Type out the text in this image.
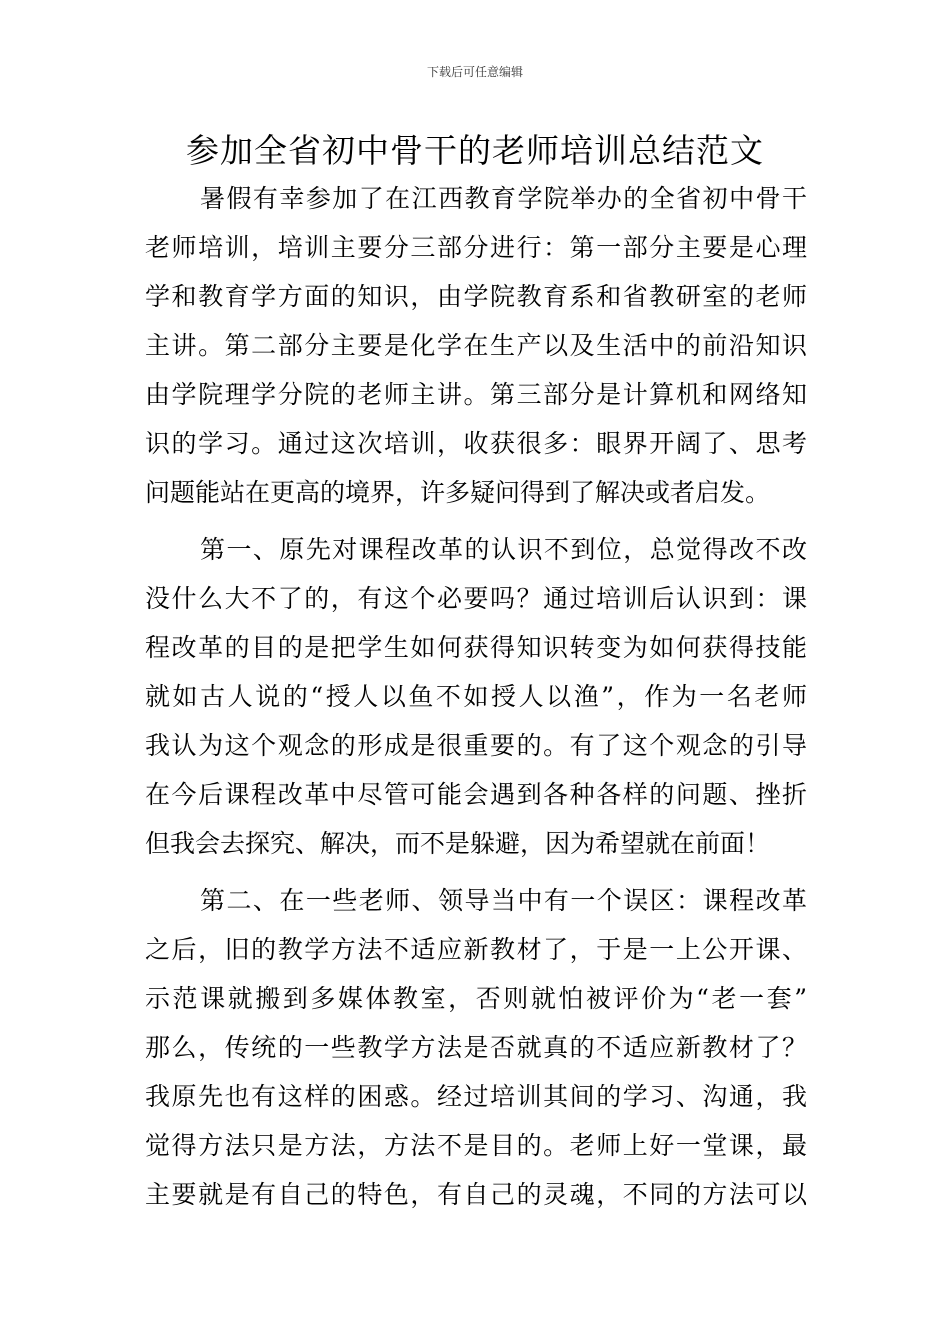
下载后可任意编辑
参加全省初中骨干的老师培训总结范文
暑假有幸参加了在江西教育学院举办的全省初中骨干
老师培训，培训主要分三部分进行：第一部分主要是心理
学和教育学方面的知识，由学院教育系和省教研室的老师
主讲。第二部分主要是化学在生产以及生活中的前沿知识
由学院理学分院的老师主讲。第三部分是计算机和网络知
识的学习。通过这次培训，收获很多：眼界开阔了、思考
问题能站在更高的境界，许多疑问得到了解决或者启发。
第一、原先对课程改革的认识不到位，总觉得改不改
没什么大不了的，有这个必要吗？通过培训后认识到：课
程改革的目的是把学生如何获得知识转变为如何获得技能
就如古人说的“授人以鱼不如授人以渔”，作为一名老师
我认为这个观念的形成是很重要的。有了这个观念的引导
在今后课程改革中尽管可能会遇到各种各样的问题、挫折
但我会去探究、解决，而不是躲避，因为希望就在前面！
第二、在一些老师、领导当中有一个误区：课程改革
之后，旧的教学方法不适应新教材了，于是一上公开课、
示范课就搬到多媒体教室，否则就怕被评价为“老一套”
那么，传统的一些教学方法是否就真的不适应新教材了？
我原先也有这样的困惑。经过培训其间的学习、沟通，我
觉得方法只是方法，方法不是目的。老师上好一堂课，最
主要就是有自己的特色，有自己的灵魂，不同的方法可以
